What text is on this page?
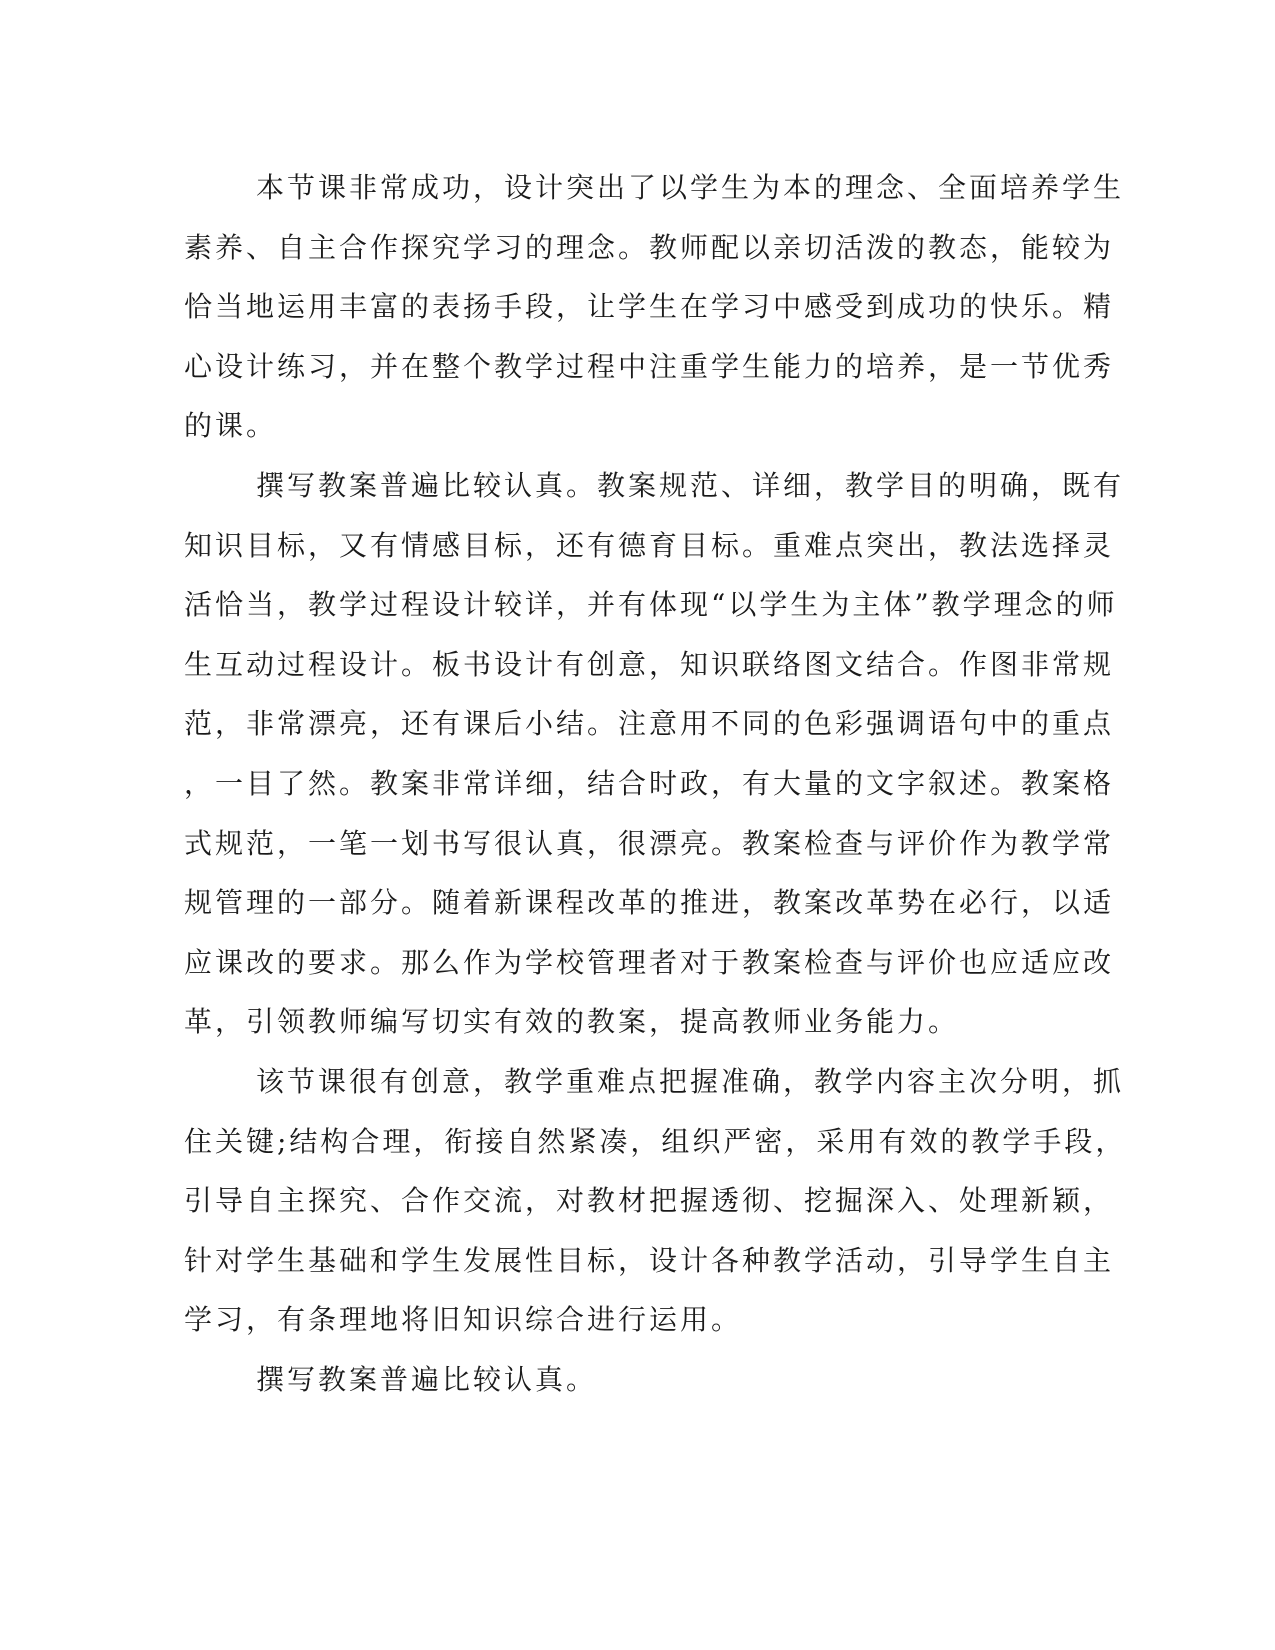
本节课非常成功，设计突出了以学生为本的理念、全面培养学生
素养、自主合作探究学习的理念。教师配以亲切活泼的教态，能较为
恰当地运用丰富的表扬手段，让学生在学习中感受到成功的快乐。精
心设计练习，并在整个教学过程中注重学生能力的培养，是一节优秀
的课。
撰写教案普遍比较认真。教案规范、详细，教学目的明确，既有
知识目标，又有情感目标，还有德育目标。重难点突出，教法选择灵
活恰当，教学过程设计较详，并有体现“以学生为主体”教学理念的师
生互动过程设计。板书设计有创意，知识联络图文结合。作图非常规
范，非常漂亮，还有课后小结。注意用不同的色彩强调语句中的重点
，一目了然。教案非常详细，结合时政，有大量的文字叙述。教案格
式规范，一笔一划书写很认真，很漂亮。教案检查与评价作为教学常
规管理的一部分。随着新课程改革的推进，教案改革势在必行，以适
应课改的要求。那么作为学校管理者对于教案检查与评价也应适应改
革，引领教师编写切实有效的教案，提高教师业务能力。
该节课很有创意，教学重难点把握准确，教学内容主次分明，抓
住关键;结构合理，衔接自然紧凑，组织严密，采用有效的教学手段，
引导自主探究、合作交流，对教材把握透彻、挖掘深入、处理新颖，
针对学生基础和学生发展性目标，设计各种教学活动，引导学生自主
学习，有条理地将旧知识综合进行运用。
撰写教案普遍比较认真。
